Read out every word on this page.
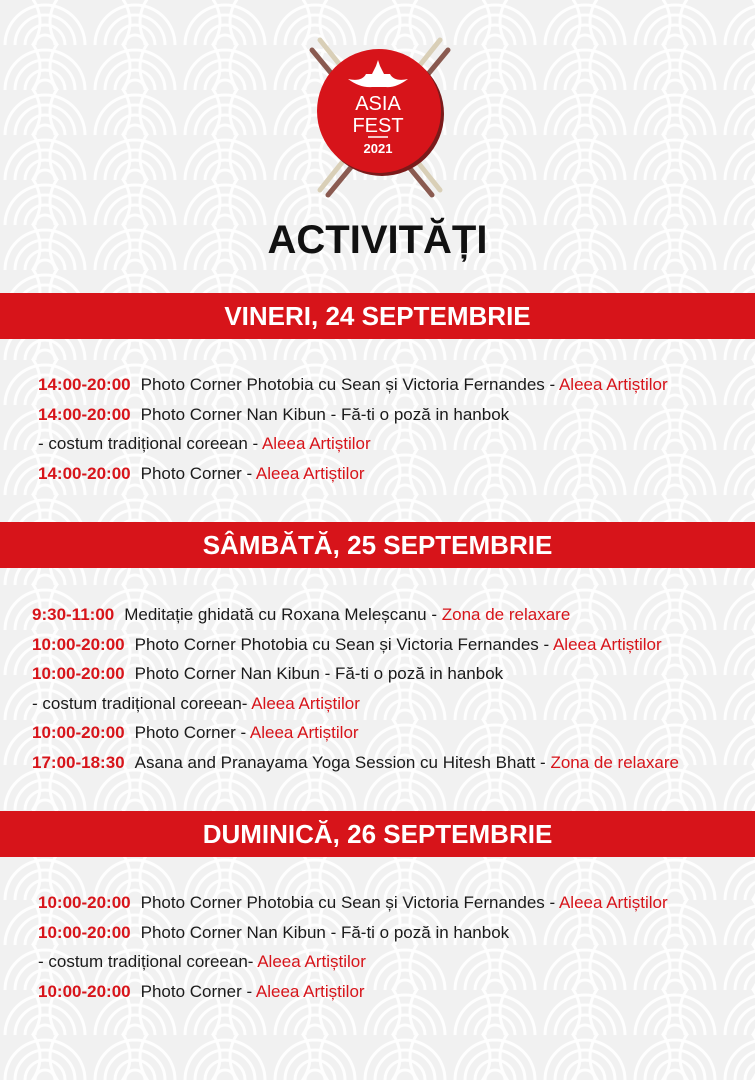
ASIA
FEST
2021
ACTIVITĂȚI
VINERI, 24 SEPTEMBRIE
14:00-20:00 Photo Corner Photobia cu Sean și Victoria Fernandes - Aleea Artiștilor
14:00-20:00 Photo Corner Nan Kibun - Fă-ti o poză in hanbok
- costum tradițional coreean - Aleea Artiștilor
14:00-20:00 Photo Corner - Aleea Artiștilor
SÂMBĂTĂ, 25 SEPTEMBRIE
9:30-11:00 Meditație ghidată cu Roxana Meleșcanu - Zona de relaxare
10:00-20:00 Photo Corner Photobia cu Sean și Victoria Fernandes - Aleea Artiștilor
10:00-20:00 Photo Corner Nan Kibun - Fă-ti o poză in hanbok
- costum tradițional coreean- Aleea Artiștilor
10:00-20:00 Photo Corner - Aleea Artiștilor
17:00-18:30 Asana and Pranayama Yoga Session cu Hitesh Bhatt - Zona de relaxare
DUMINICĂ, 26 SEPTEMBRIE
10:00-20:00 Photo Corner Photobia cu Sean și Victoria Fernandes - Aleea Artiștilor
10:00-20:00 Photo Corner Nan Kibun - Fă-ti o poză in hanbok
- costum tradițional coreean- Aleea Artiștilor
10:00-20:00 Photo Corner - Aleea Artiștilor
